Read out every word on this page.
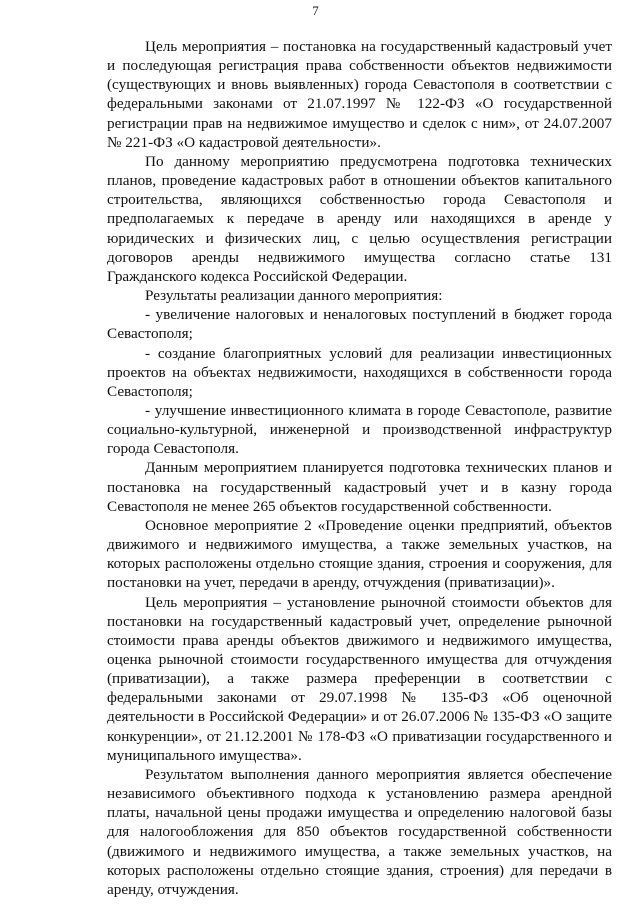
7

Цель мероприятия – постановка на государственный кадастровый учет и последующая регистрация права собственности объектов недвижимости (существующих и вновь выявленных) города Севастополя в соответствии с федеральными законами от 21.07.1997 № 122-ФЗ «О государственной регистрации прав на недвижимое имущество и сделок с ним», от 24.07.2007 № 221-ФЗ «О кадастровой деятельности».

По данному мероприятию предусмотрена подготовка технических планов, проведение кадастровых работ в отношении объектов капитального строительства, являющихся собственностью города Севастополя и предполагаемых к передаче в аренду или находящихся в аренде у юридических и физических лиц, с целью осуществления регистрации договоров аренды недвижимого имущества согласно статье 131 Гражданского кодекса Российской Федерации.

Результаты реализации данного мероприятия:

- увеличение налоговых и неналоговых поступлений в бюджет города Севастополя;

- создание благоприятных условий для реализации инвестиционных проектов на объектах недвижимости, находящихся в собственности города Севастополя;

- улучшение инвестиционного климата в городе Севастополе, развитие социально-культурной, инженерной и производственной инфраструктур города Севастополя.

Данным мероприятием планируется подготовка технических планов и постановка на государственный кадастровый учет и в казну города Севастополя не менее 265 объектов государственной собственности.

Основное мероприятие 2 «Проведение оценки предприятий, объектов движимого и недвижимого имущества, а также земельных участков, на которых расположены отдельно стоящие здания, строения и сооружения, для постановки на учет, передачи в аренду, отчуждения (приватизации)».

Цель мероприятия – установление рыночной стоимости объектов для постановки на государственный кадастровый учет, определение рыночной стоимости права аренды объектов движимого и недвижимого имущества, оценка рыночной стоимости государственного имущества для отчуждения (приватизации), а также размера преференции в соответствии с федеральными законами от 29.07.1998 № 135-ФЗ «Об оценочной деятельности в Российской Федерации» и от 26.07.2006 № 135-ФЗ «О защите конкуренции», от 21.12.2001 № 178-ФЗ «О приватизации государственного и муниципального имущества».

Результатом выполнения данного мероприятия является обеспечение независимого объективного подхода к установлению размера арендной платы, начальной цены продажи имущества и определению налоговой базы для налогообложения для 850 объектов государственной собственности (движимого и недвижимого имущества, а также земельных участков, на которых расположены отдельно стоящие здания, строения) для передачи в аренду, отчуждения.
